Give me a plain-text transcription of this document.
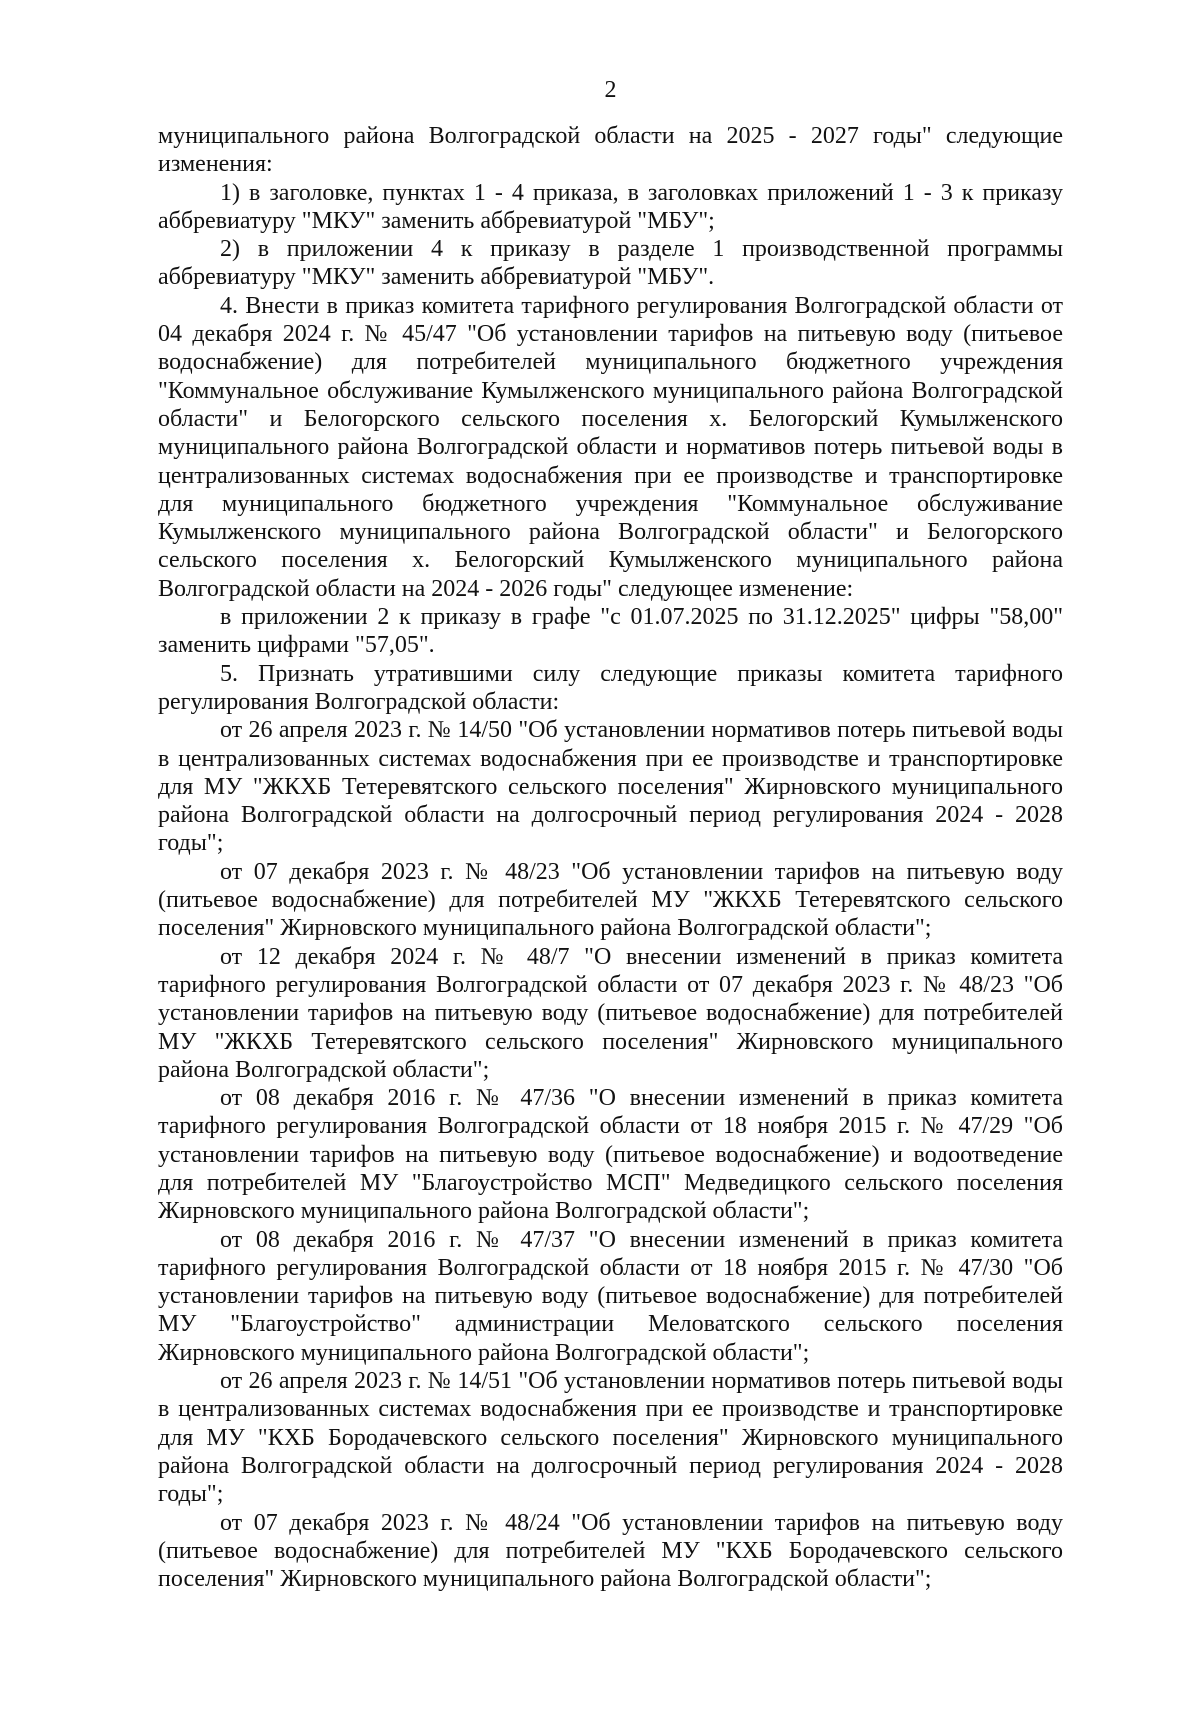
2

муниципального района Волгоградской области на 2025 - 2027 годы" следующие изменения:

1) в заголовке, пунктах 1 - 4 приказа, в заголовках приложений 1 - 3 к приказу аббревиатуру "МКУ" заменить аббревиатурой "МБУ";

2) в приложении 4 к приказу в разделе 1 производственной программы аббревиатуру "МКУ" заменить аббревиатурой "МБУ".

4. Внести в приказ комитета тарифного регулирования Волгоградской области от 04 декабря 2024 г. № 45/47 "Об установлении тарифов на питьевую воду (питьевое водоснабжение) для потребителей муниципального бюджетного учреждения "Коммунальное обслуживание Кумылженского муниципального района Волгоградской области" и Белогорского сельского поселения х. Белогорский Кумылженского муниципального района Волгоградской области и нормативов потерь питьевой воды в централизованных системах водоснабжения при ее производстве и транспортировке для муниципального бюджетного учреждения "Коммунальное обслуживание Кумылженского муниципального района Волгоградской области" и Белогорского сельского поселения х. Белогорский Кумылженского муниципального района Волгоградской области на 2024 - 2026 годы" следующее изменение:

в приложении 2 к приказу в графе "с 01.07.2025 по 31.12.2025" цифры "58,00" заменить цифрами "57,05".

5. Признать утратившими силу следующие приказы комитета тарифного регулирования Волгоградской области:

от 26 апреля 2023 г. № 14/50 "Об установлении нормативов потерь питьевой воды в централизованных системах водоснабжения при ее производстве и транспортировке для МУ "ЖКХБ Тетеревятского сельского поселения" Жирновского муниципального района Волгоградской области на долгосрочный период регулирования 2024 - 2028 годы";

от 07 декабря 2023 г. № 48/23 "Об установлении тарифов на питьевую воду (питьевое водоснабжение) для потребителей МУ "ЖКХБ Тетеревятского сельского поселения" Жирновского муниципального района Волгоградской области";

от 12 декабря 2024 г. № 48/7 "О внесении изменений в приказ комитета тарифного регулирования Волгоградской области от 07 декабря 2023 г. № 48/23 "Об установлении тарифов на питьевую воду (питьевое водоснабжение) для потребителей МУ "ЖКХБ Тетеревятского сельского поселения" Жирновского муниципального района Волгоградской области";

от 08 декабря 2016 г. № 47/36 "О внесении изменений в приказ комитета тарифного регулирования Волгоградской области от 18 ноября 2015 г. № 47/29 "Об установлении тарифов на питьевую воду (питьевое водоснабжение) и водоотведение для потребителей МУ "Благоустройство МСП" Медведицкого сельского поселения Жирновского муниципального района Волгоградской области";

от 08 декабря 2016 г. № 47/37 "О внесении изменений в приказ комитета тарифного регулирования Волгоградской области от 18 ноября 2015 г. № 47/30 "Об установлении тарифов на питьевую воду (питьевое водоснабжение) для потребителей МУ "Благоустройство" администрации Меловатского сельского поселения Жирновского муниципального района Волгоградской области";

от 26 апреля 2023 г. № 14/51 "Об установлении нормативов потерь питьевой воды в централизованных системах водоснабжения при ее производстве и транспортировке для МУ "КХБ Бородачевского сельского поселения" Жирновского муниципального района Волгоградской области на долгосрочный период регулирования 2024 - 2028 годы";

от 07 декабря 2023 г. № 48/24 "Об установлении тарифов на питьевую воду (питьевое водоснабжение) для потребителей МУ "КХБ Бородачевского сельского поселения" Жирновского муниципального района Волгоградской области";
